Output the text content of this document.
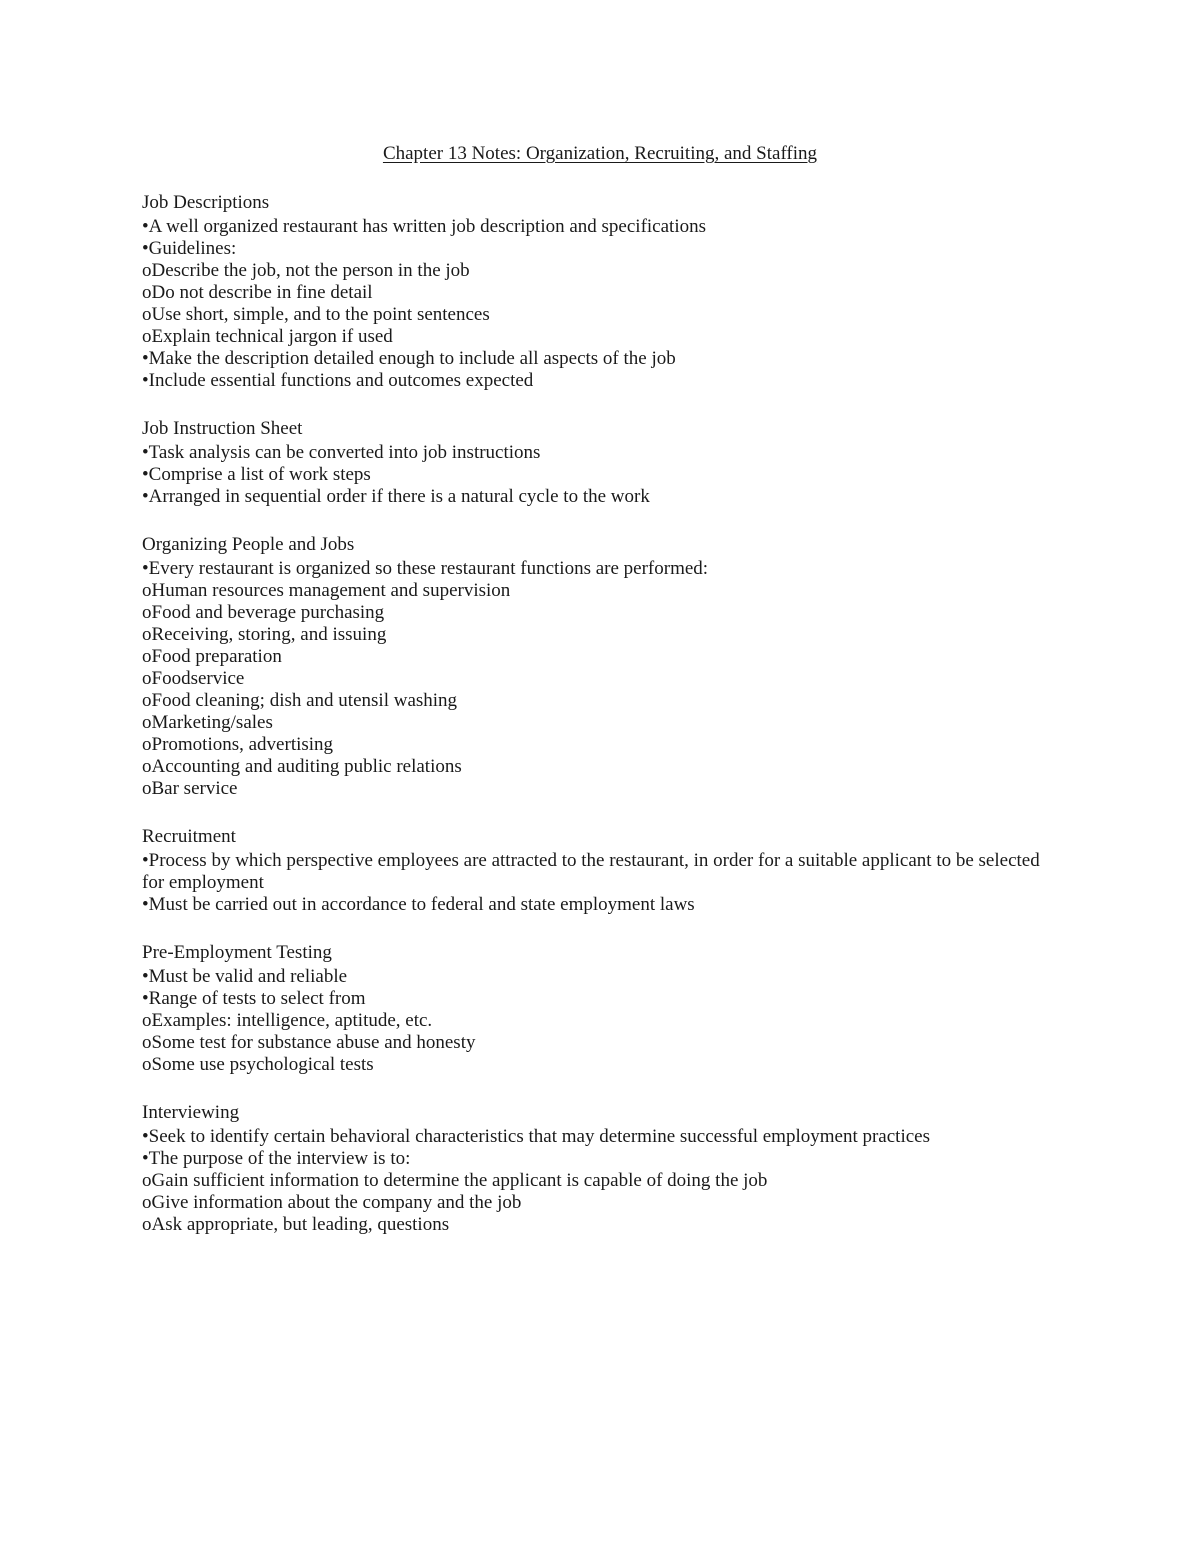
Chapter 13 Notes: Organization, Recruiting, and Staffing
Job Descriptions
•A well organized restaurant has written job description and specifications
•Guidelines:
oDescribe the job, not the person in the job
oDo not describe in fine detail
oUse short, simple, and to the point sentences
oExplain technical jargon if used
•Make the description detailed enough to include all aspects of the job
•Include essential functions and outcomes expected
Job Instruction Sheet
•Task analysis can be converted into job instructions
•Comprise a list of work steps
•Arranged in sequential order if there is a natural cycle to the work
Organizing People and Jobs
•Every restaurant is organized so these restaurant functions are performed:
oHuman resources management and supervision
oFood and beverage purchasing
oReceiving, storing, and issuing
oFood preparation
oFoodservice
oFood cleaning; dish and utensil washing
oMarketing/sales
oPromotions, advertising
oAccounting and auditing public relations
oBar service
Recruitment
•Process by which perspective employees are attracted to the restaurant, in order for a suitable applicant to be selected for employment
•Must be carried out in accordance to federal and state employment laws
Pre-Employment Testing
•Must be valid and reliable
•Range of tests to select from
oExamples: intelligence, aptitude, etc.
oSome test for substance abuse and honesty
oSome use psychological tests
Interviewing
•Seek to identify certain behavioral characteristics that may determine successful employment practices
•The purpose of the interview is to:
oGain sufficient information to determine the applicant is capable of doing the job
oGive information about the company and the job
oAsk appropriate, but leading, questions
